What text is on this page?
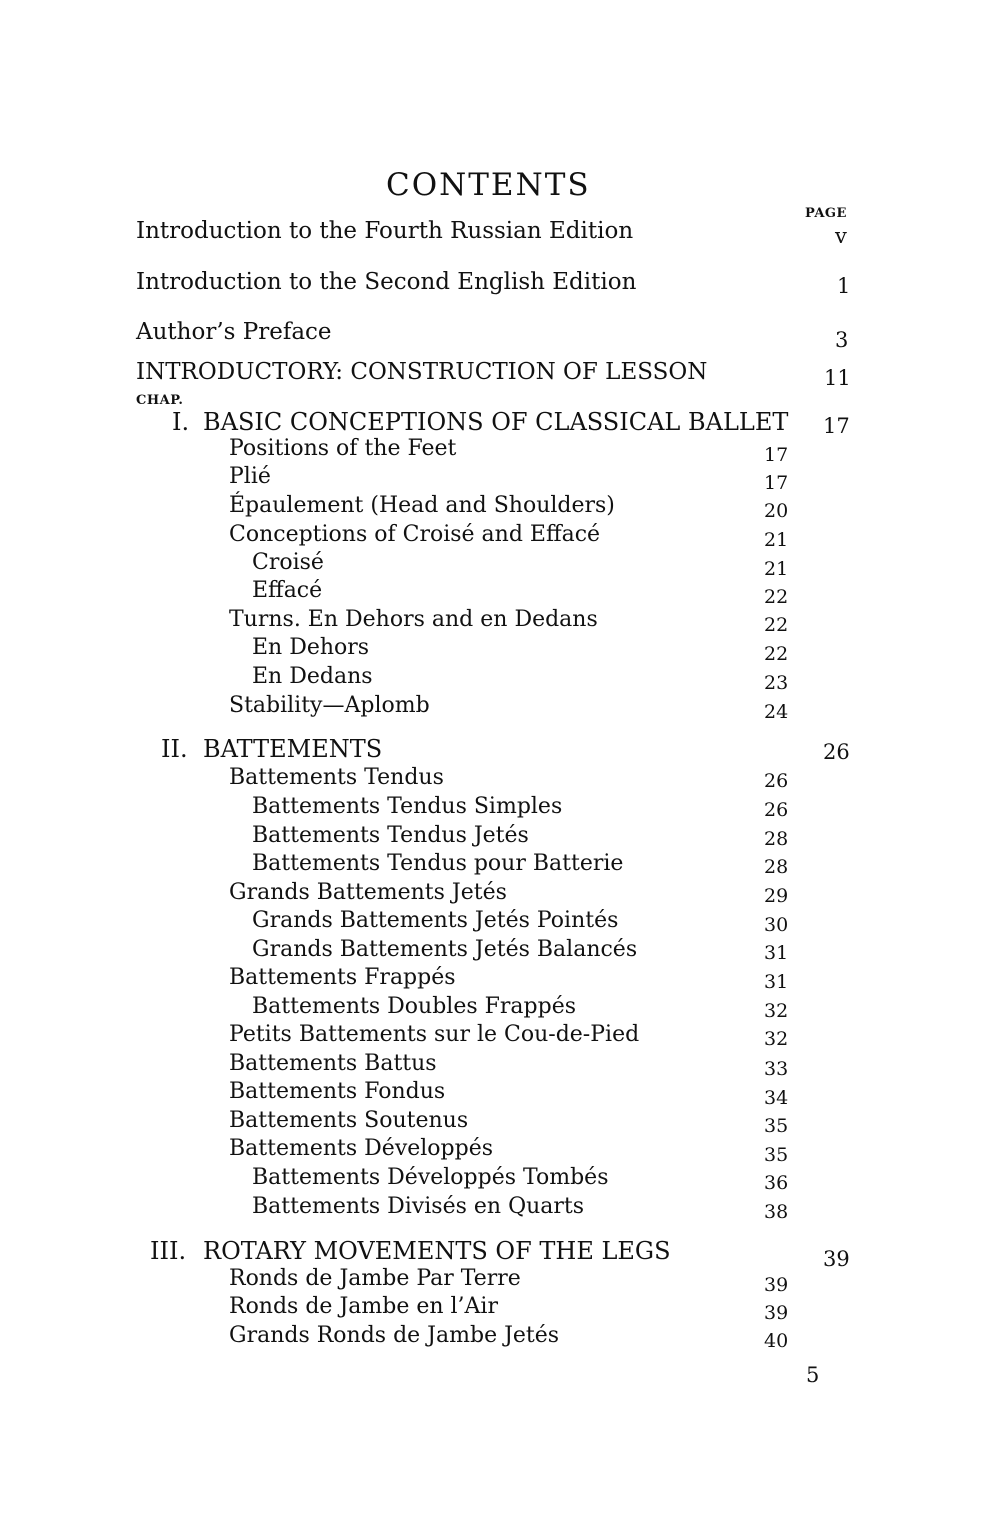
CONTENTS
PAGE
Introduction to the Fourth Russian Edition	v
Introduction to the Second English Edition	1
Author’s Preface	3
INTRODUCTORY: CONSTRUCTION OF LESSON	11
CHAP.
I. BASIC CONCEPTIONS OF CLASSICAL BALLET 17
Positions of the Feet	17
Plié	17
Épaulement (Head and Shoulders)	20
Conceptions of Croisé and Effacé	21
Croisé	21
Effacé	22
Turns. En Dehors and en Dedans	22
En Dehors	22
En Dedans	23
Stability—Aplomb	24
II. BATTEMENTS	26
Battements Tendus	26
Battements Tendus Simples	26
Battements Tendus Jetés	28
Battements Tendus pour Batterie	28
Grands Battements Jetés	29
Grands Battements Jetés Pointés	30
Grands Battements Jetés Balancés	31
Battements Frappés	31
Battements Doubles Frappés	32
Petits Battements sur le Cou-de-Pied	32
Battements Battus	33
Battements Fondus	34
Battements Soutenus	35
Battements Développés	35
Battements Développés Tombés	36
Battements Divisés en Quarts	38
III. ROTARY MOVEMENTS OF THE LEGS	39
Ronds de Jambe Par Terre	39
Ronds de Jambe en l’Air	39
Grands Ronds de Jambe Jetés	40
5
